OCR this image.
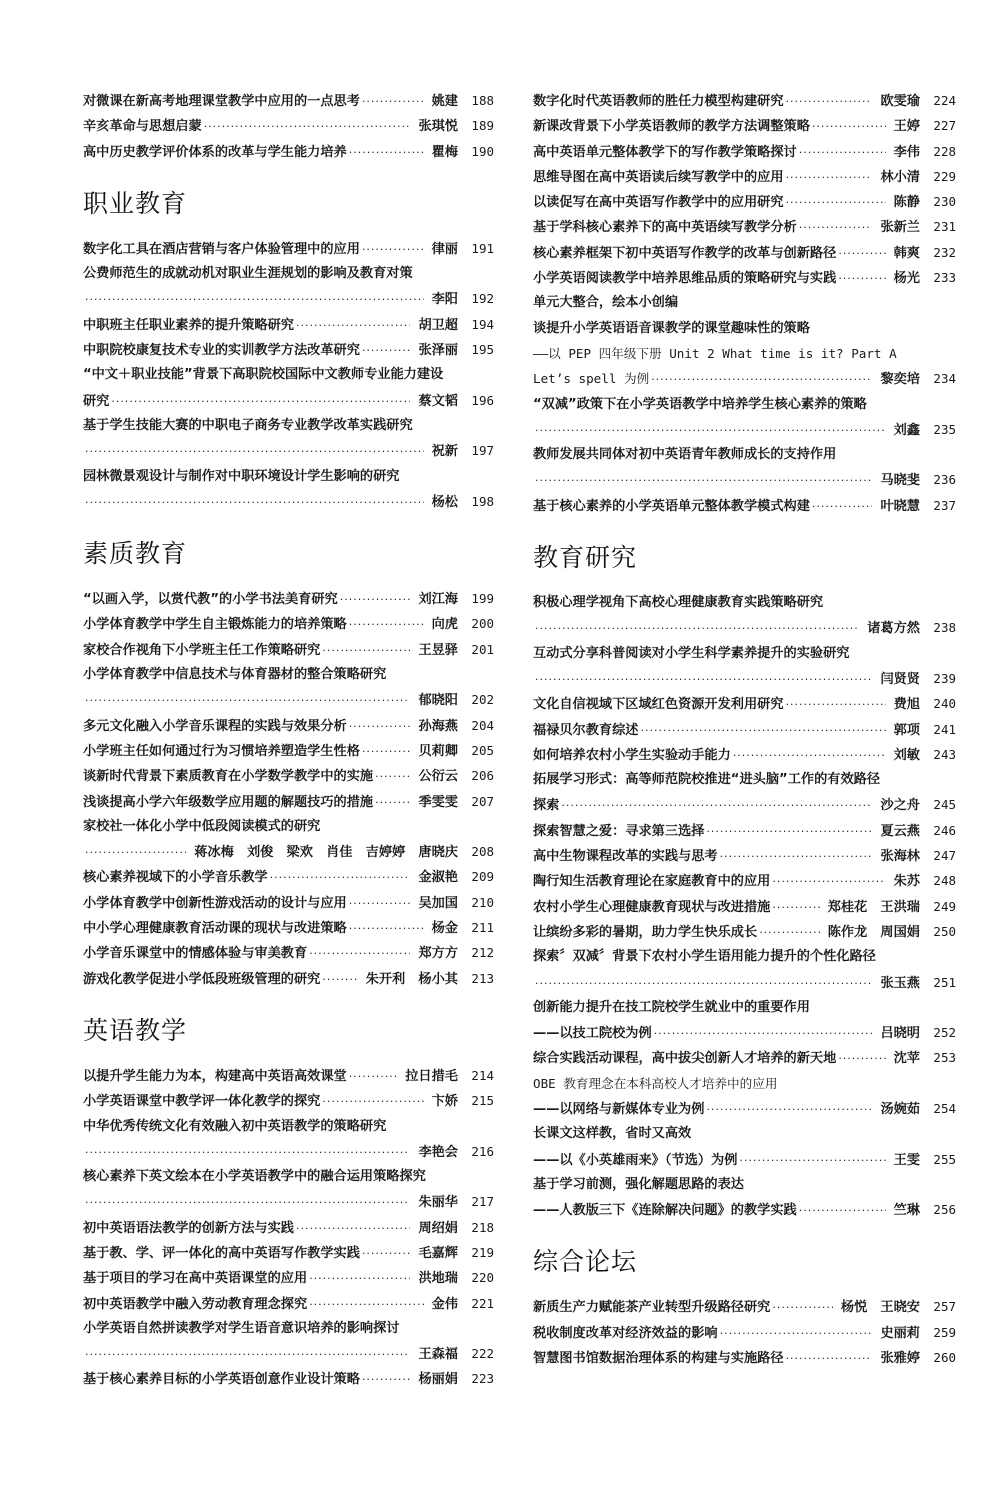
对微课在新高考地理课堂教学中应用的一点思考 ·····	姚建	188
辛亥革命与思想启蒙 ·····	张琪悦	189
高中历史教学评价体系的改革与学生能力培养 ·····	瞿梅	190
职业教育
数字化工具在酒店营销与客户体验管理中的应用 ·····	律丽	191
公费师范生的成就动机对职业生涯规划的影响及教育对策
·····
李阳	192
中职班主任职业素养的提升策略研究 ·····	胡卫超	194
中职院校康复技术专业的实训教学方法改革研究 ·····	张泽丽	195
“中文＋职业技能”背景下高职院校国际中文教师专业能力建设
研究 ·····	蔡文韬	196
基于学生技能大赛的中职电子商务专业教学改革实践研究
·····
祝新	197
园林微景观设计与制作对中职环境设计学生影响的研究
·····
杨松	198
素质教育
“以画入学，以赏代教”的小学书法美育研究 ·····	刘江海	199
小学体育教学中学生自主锻炼能力的培养策略 ·····	向虎	200
家校合作视角下小学班主任工作策略研究 ·····	王昱驿	201
小学体育教学中信息技术与体育器材的整合策略研究
·····
郁晓阳	202
多元文化融入小学音乐课程的实践与效果分析 ·····	孙海燕	204
小学班主任如何通过行为习惯培养塑造学生性格 ·····	贝莉卿	205
谈新时代背景下素质教育在小学数学教学中的实施 ·····	公衍云	206
浅谈提高小学六年级数学应用题的解题技巧的措施 ·····	季雯雯	207
家校社一体化小学中低段阅读模式的研究
·····
蒋冰梅　刘俊　梁欢　肖佳　吉婷婷　唐晓庆	208
核心素养视域下的小学音乐教学 ·····	金淑艳	209
小学体育教学中创新性游戏活动的设计与应用 ·····	吴加国	210
中小学心理健康教育活动课的现状与改进策略 ·····	杨金	211
小学音乐课堂中的情感体验与审美教育 ·····	郑方方	212
游戏化教学促进小学低段班级管理的研究 ·····	朱开利　杨小其	213
英语教学
以提升学生能力为本，构建高中英语高效课堂 ·····	拉日措毛	214
小学英语课堂中教学评一体化教学的探究 ·····	卞娇	215
中华优秀传统文化有效融入初中英语教学的策略研究
·····
李艳会	216
核心素养下英文绘本在小学英语教学中的融合运用策略探究
·····
朱丽华	217
初中英语语法教学的创新方法与实践 ·····	周绍娟	218
基于教、学、评一体化的高中英语写作教学实践 ·····	毛嘉辉	219
基于项目的学习在高中英语课堂的应用 ·····	洪地瑞	220
初中英语教学中融入劳动教育理念探究 ·····	金伟	221
小学英语自然拼读教学对学生语音意识培养的影响探讨
·····
王森福	222
基于核心素养目标的小学英语创意作业设计策略 ·····	杨丽娟	223
数字化时代英语教师的胜任力模型构建研究 ·····	欧雯瑜	224
新课改背景下小学英语教师的教学方法调整策略 ·····	王婷	227
高中英语单元整体教学下的写作教学策略探讨 ·····	李伟	228
思维导图在高中英语读后续写教学中的应用 ·····	林小清	229
以读促写在高中英语写作教学中的应用研究 ·····	陈静	230
基于学科核心素养下的高中英语续写教学分析 ·····	张新兰	231
核心素养框架下初中英语写作教学的改革与创新路径 ·····	韩爽	232
小学英语阅读教学中培养思维品质的策略研究与实践 ·····	杨光	233
单元大整合，绘本小创编
谈提升小学英语语音课教学的课堂趣味性的策略
——以 PEP 四年级下册 Unit 2 What time is it? Part A
Let’s spell 为例 ·····	黎奕培	234
“双减”政策下在小学英语教学中培养学生核心素养的策略
·····
刘鑫	235
教师发展共同体对初中英语青年教师成长的支持作用
·····
马晓斐	236
基于核心素养的小学英语单元整体教学模式构建 ·····	叶晓慧	237
教育研究
积极心理学视角下高校心理健康教育实践策略研究
·····
诸葛方然	238
互动式分享科普阅读对小学生科学素养提升的实验研究
·····
闫贤贤	239
文化自信视域下区域红色资源开发利用研究 ·····	费旭	240
福禄贝尔教育综述 ·····	郭项	241
如何培养农村小学生实验动手能力 ·····	刘敏	243
拓展学习形式：高等师范院校推进“进头脑”工作的有效路径
探索 ·····	沙之舟	245
探索智慧之爱：寻求第三选择 ·····	夏云燕	246
高中生物课程改革的实践与思考 ·····	张海林	247
陶行知生活教育理论在家庭教育中的应用 ·····	朱苏	248
农村小学生心理健康教育现状与改进措施 ·····	郑桂花　王洪瑞	249
让缤纷多彩的暑期，助力学生快乐成长 ·····	陈作龙　周国娟	250
探索〞双减〞背景下农村小学生语用能力提升的个性化路径
·····
张玉燕	251
创新能力提升在技工院校学生就业中的重要作用
——以技工院校为例 ·····	吕晓明	252
综合实践活动课程，高中拔尖创新人才培养的新天地 ·····	沈苹	253
OBE 教育理念在本科高校人才培养中的应用
——以网络与新媒体专业为例 ·····	汤婉茹	254
长课文这样教，省时又高效
——以《小英雄雨来》（节选）为例 ·····	王雯	255
基于学习前测，强化解题思路的表达
——人教版三下《连除解决问题》的教学实践 ·····	竺琳	256
综合论坛
新质生产力赋能茶产业转型升级路径研究 ·····	杨悦　王晓安	257
税收制度改革对经济效益的影响 ·····	史丽莉	259
智慧图书馆数据治理体系的构建与实施路径 ·····	张雅婷	260
